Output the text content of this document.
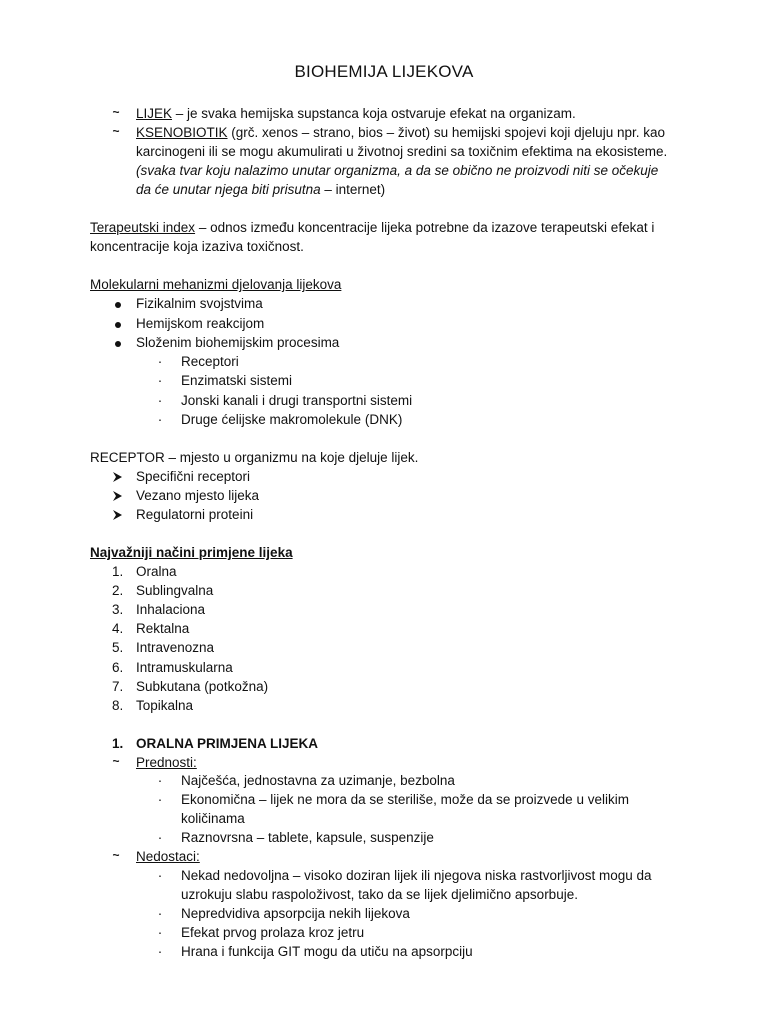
BIOHEMIJA LIJEKOVA
~	LIJEK – je svaka hemijska supstanca koja ostvaruje efekat na organizam.
~	KSENOBIOTIK (grč. xenos – strano, bios – život) su hemijski spojevi koji djeluju npr. kao
karcinogeni ili se mogu akumulirati u životnoj sredini sa toxičnim efektima na ekosisteme.
(svaka tvar koju nalazimo unutar organizma, a da se obično ne proizvodi niti se očekuje
da će unutar njega biti prisutna – internet)
Terapeutski index – odnos između koncentracije lijeka potrebne da izazove terapeutski efekat i
koncentracije koja izaziva toxičnost.
Molekularni mehanizmi djelovanja lijekova
Fizikalnim svojstvima
Hemijskom reakcijom
Složenim biohemijskim procesima
·	Receptori
·	Enzimatski sistemi
·	Jonski kanali i drugi transportni sistemi
·	Druge ćelijske makromolekule (DNK)
RECEPTOR – mjesto u organizmu na koje djeluje lijek.
Specifični receptori
Vezano mjesto lijeka
Regulatorni proteini
Najvažniji načini primjene lijeka
1. Oralna
2. Sublingvalna
3. Inhalaciona
4. Rektalna
5. Intravenozna
6. Intramuskularna
7. Subkutana (potkožna)
8. Topikalna
1. ORALNA PRIMJENA LIJEKA
~	Prednosti:
·	Najčešća, jednostavna za uzimanje, bezbolna
·	Ekonomična – lijek ne mora da se steriliše, može da se proizvede u velikim
količinama
·	Raznovrsna – tablete, kapsule, suspenzije
~	Nedostaci:
·	Nekad nedovoljna – visoko doziran lijek ili njegova niska rastvorljivost mogu da
uzrokuju slabu raspoloživost, tako da se lijek djelimično apsorbuje.
·	Nepredvidiva apsorpcija nekih lijekova
·	Efekat prvog prolaza kroz jetru
·	Hrana i funkcija GIT mogu da utiču na apsorpciju
